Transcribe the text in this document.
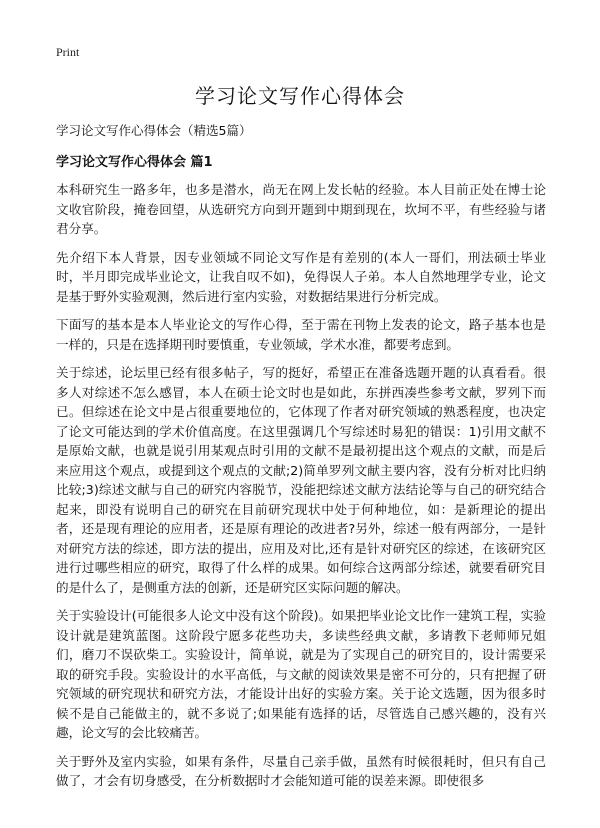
Print
学习论文写作心得体会
学习论文写作心得体会（精选5篇）
学习论文写作心得体会 篇1

本科研究生一路多年，也多是潜水，尚无在网上发长帖的经验。本人目前正处在博士论文收官阶段，掩卷回望，从选研究方向到开题到中期到现在，坎坷不平，有些经验与诸君分享。

先介绍下本人背景，因专业领域不同论文写作是有差别的(本人一哥们，刑法硕士毕业时，半月即完成毕业论文，让我自叹不如)，免得误人子弟。本人自然地理学专业，论文是基于野外实验观测，然后进行室内实验，对数据结果进行分析完成。

下面写的基本是本人毕业论文的写作心得，至于需在刊物上发表的论文，路子基本也是一样的，只是在选择期刊时要慎重，专业领域，学术水准，都要考虑到。

关于综述，论坛里已经有很多帖子，写的挺好，希望正在准备选题开题的认真看看。很多人对综述不怎么感冒，本人在硕士论文时也是如此，东拼西凑些参考文献，罗列下而已。但综述在论文中是占很重要地位的，它体现了作者对研究领域的熟悉程度，也决定了论文可能达到的学术价值高度。在这里强调几个写综述时易犯的错误：1)引用文献不是原始文献，也就是说引用某观点时引用的文献不是最初提出这个观点的文献，而是后来应用这个观点，或提到这个观点的文献;2)简单罗列文献主要内容，没有分析对比归纳比较;3)综述文献与自己的研究内容脱节，没能把综述文献方法结论等与自己的研究结合起来，即没有说明自己的研究在目前研究现状中处于何种地位，如：是新理论的提出者，还是现有理论的应用者，还是原有理论的改进者?另外，综述一般有两部分，一是针对研究方法的综述，即方法的提出，应用及对比,还有是针对研究区的综述，在该研究区进行过哪些相应的研究，取得了什么样的成果。如何综合这两部分综述，就要看研究目的是什么了，是侧重方法的创新，还是研究区实际问题的解决。

关于实验设计(可能很多人论文中没有这个阶段)。如果把毕业论文比作一建筑工程，实验设计就是建筑蓝图。这阶段宁愿多花些功夫，多读些经典文献，多请教下老师师兄姐们，磨刀不误砍柴工。实验设计，简单说，就是为了实现自己的研究目的，设计需要采取的研究手段。实验设计的水平高低，与文献的阅读效果是密不可分的，只有把握了研究领域的研究现状和研究方法，才能设计出好的实验方案。关于论文选题，因为很多时候不是自己能做主的，就不多说了;如果能有选择的话，尽管选自己感兴趣的，没有兴趣，论文写的会比较痛苦。

关于野外及室内实验，如果有条件，尽量自己亲手做，虽然有时候很耗时，但只有自己做了，才会有切身感受，在分析数据时才会能知道可能的误差来源。即使很多
